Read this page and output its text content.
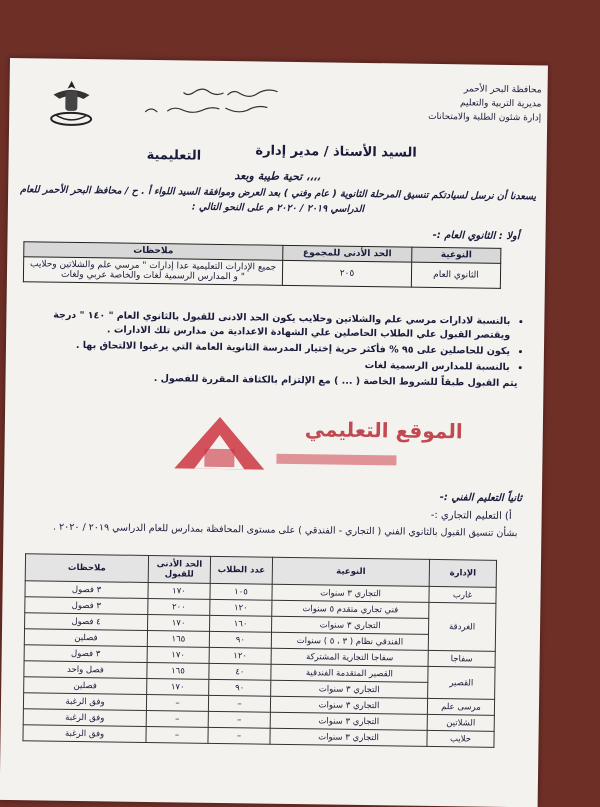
محافظة البحر الأحمر
مديرية التربية والتعليم
إدارة شئون الطلبة والامتحانات
السيد الأستاذ / مدير إدارة
التعليمية
تحية طيبة وبعد ،،،،
يسعدنا أن نرسل لسيادتكم تنسيق المرحلة الثانوية ( عام وفني ) بعد العرض وموافقة السيد اللواء أ . ح / محافظ البحر الأحمر للعام الدراسي ٢٠١٩ / ٢٠٢٠ م على النحو التالي :
أولا : الثانوي العام :-
النوعية	الحد الأدنى للمجموع	ملاحظات
الثانوي العام	٢٠٥	جميع الإدارات التعليمية عدا إدارات " مرسي علم والشلاتين وحلايب " و المدارس الرسمية لغات والخاصة عربي ولغات
• بالنسبة لادارات مرسي علم والشلاتين وحلايب يكون الحد الادنى للقبول بالثانوي العام " ١٤٠ " درجة ويقتصر القبول علي الطلاب الحاصلين علي الشهادة الاعدادية من مدارس تلك الادارات .
• يكون للحاصلين على ٩٥ % فأكثر حرية إختيار المدرسة الثانوية العامة التي يرغبوا الالتحاق بها .
• بالنسبة للمدارس الرسمية لغات
يتم القبول طبقاً للشروط الخاصة ( ... ) مع الإلتزام بالكثافة المقررة للفصول .
الموقع التعليمي
ثانياً التعليم الفني :-
أ) التعليم التجاري :-
بشأن تنسيق القبول بالثانوي الفني ( التجاري - الفندقي ) على مستوى المحافظة بمدارس للعام الدراسي ٢٠١٩ / ٢٠٢٠ .
الإدارة	النوعية	عدد الطلاب	الحد الأدنى للقبول	ملاحظات
غارب	التجاري ٣ سنوات	١٠٥	١٧٠	٣ فصول
الغردقة	فني تجاري متقدم ٥ سنوات	١٢٠	٢٠٠	٣ فصول
	التجاري ٣ سنوات	١٦٠	١٧٠	٤ فصول
	الفندقي نظام ( ٣ ، ٥ ) سنوات	٩٠	١٦٥	فصلين
سفاجا	سفاجا التجارية المشتركة	١٢٠	١٧٠	٣ فصول
القصير	القصير المتقدمة الفندقية	٤٠	١٦٥	فصل واحد
	التجاري ٣ سنوات	٩٠	١٧٠	فصلين
مرسى علم	التجاري ٣ سنوات	–	–	وفق الرغبة
الشلاتين	التجاري ٣ سنوات	–	–	وفق الرغبة
حلايب	التجاري ٣ سنوات	–	–	وفق الرغبة
